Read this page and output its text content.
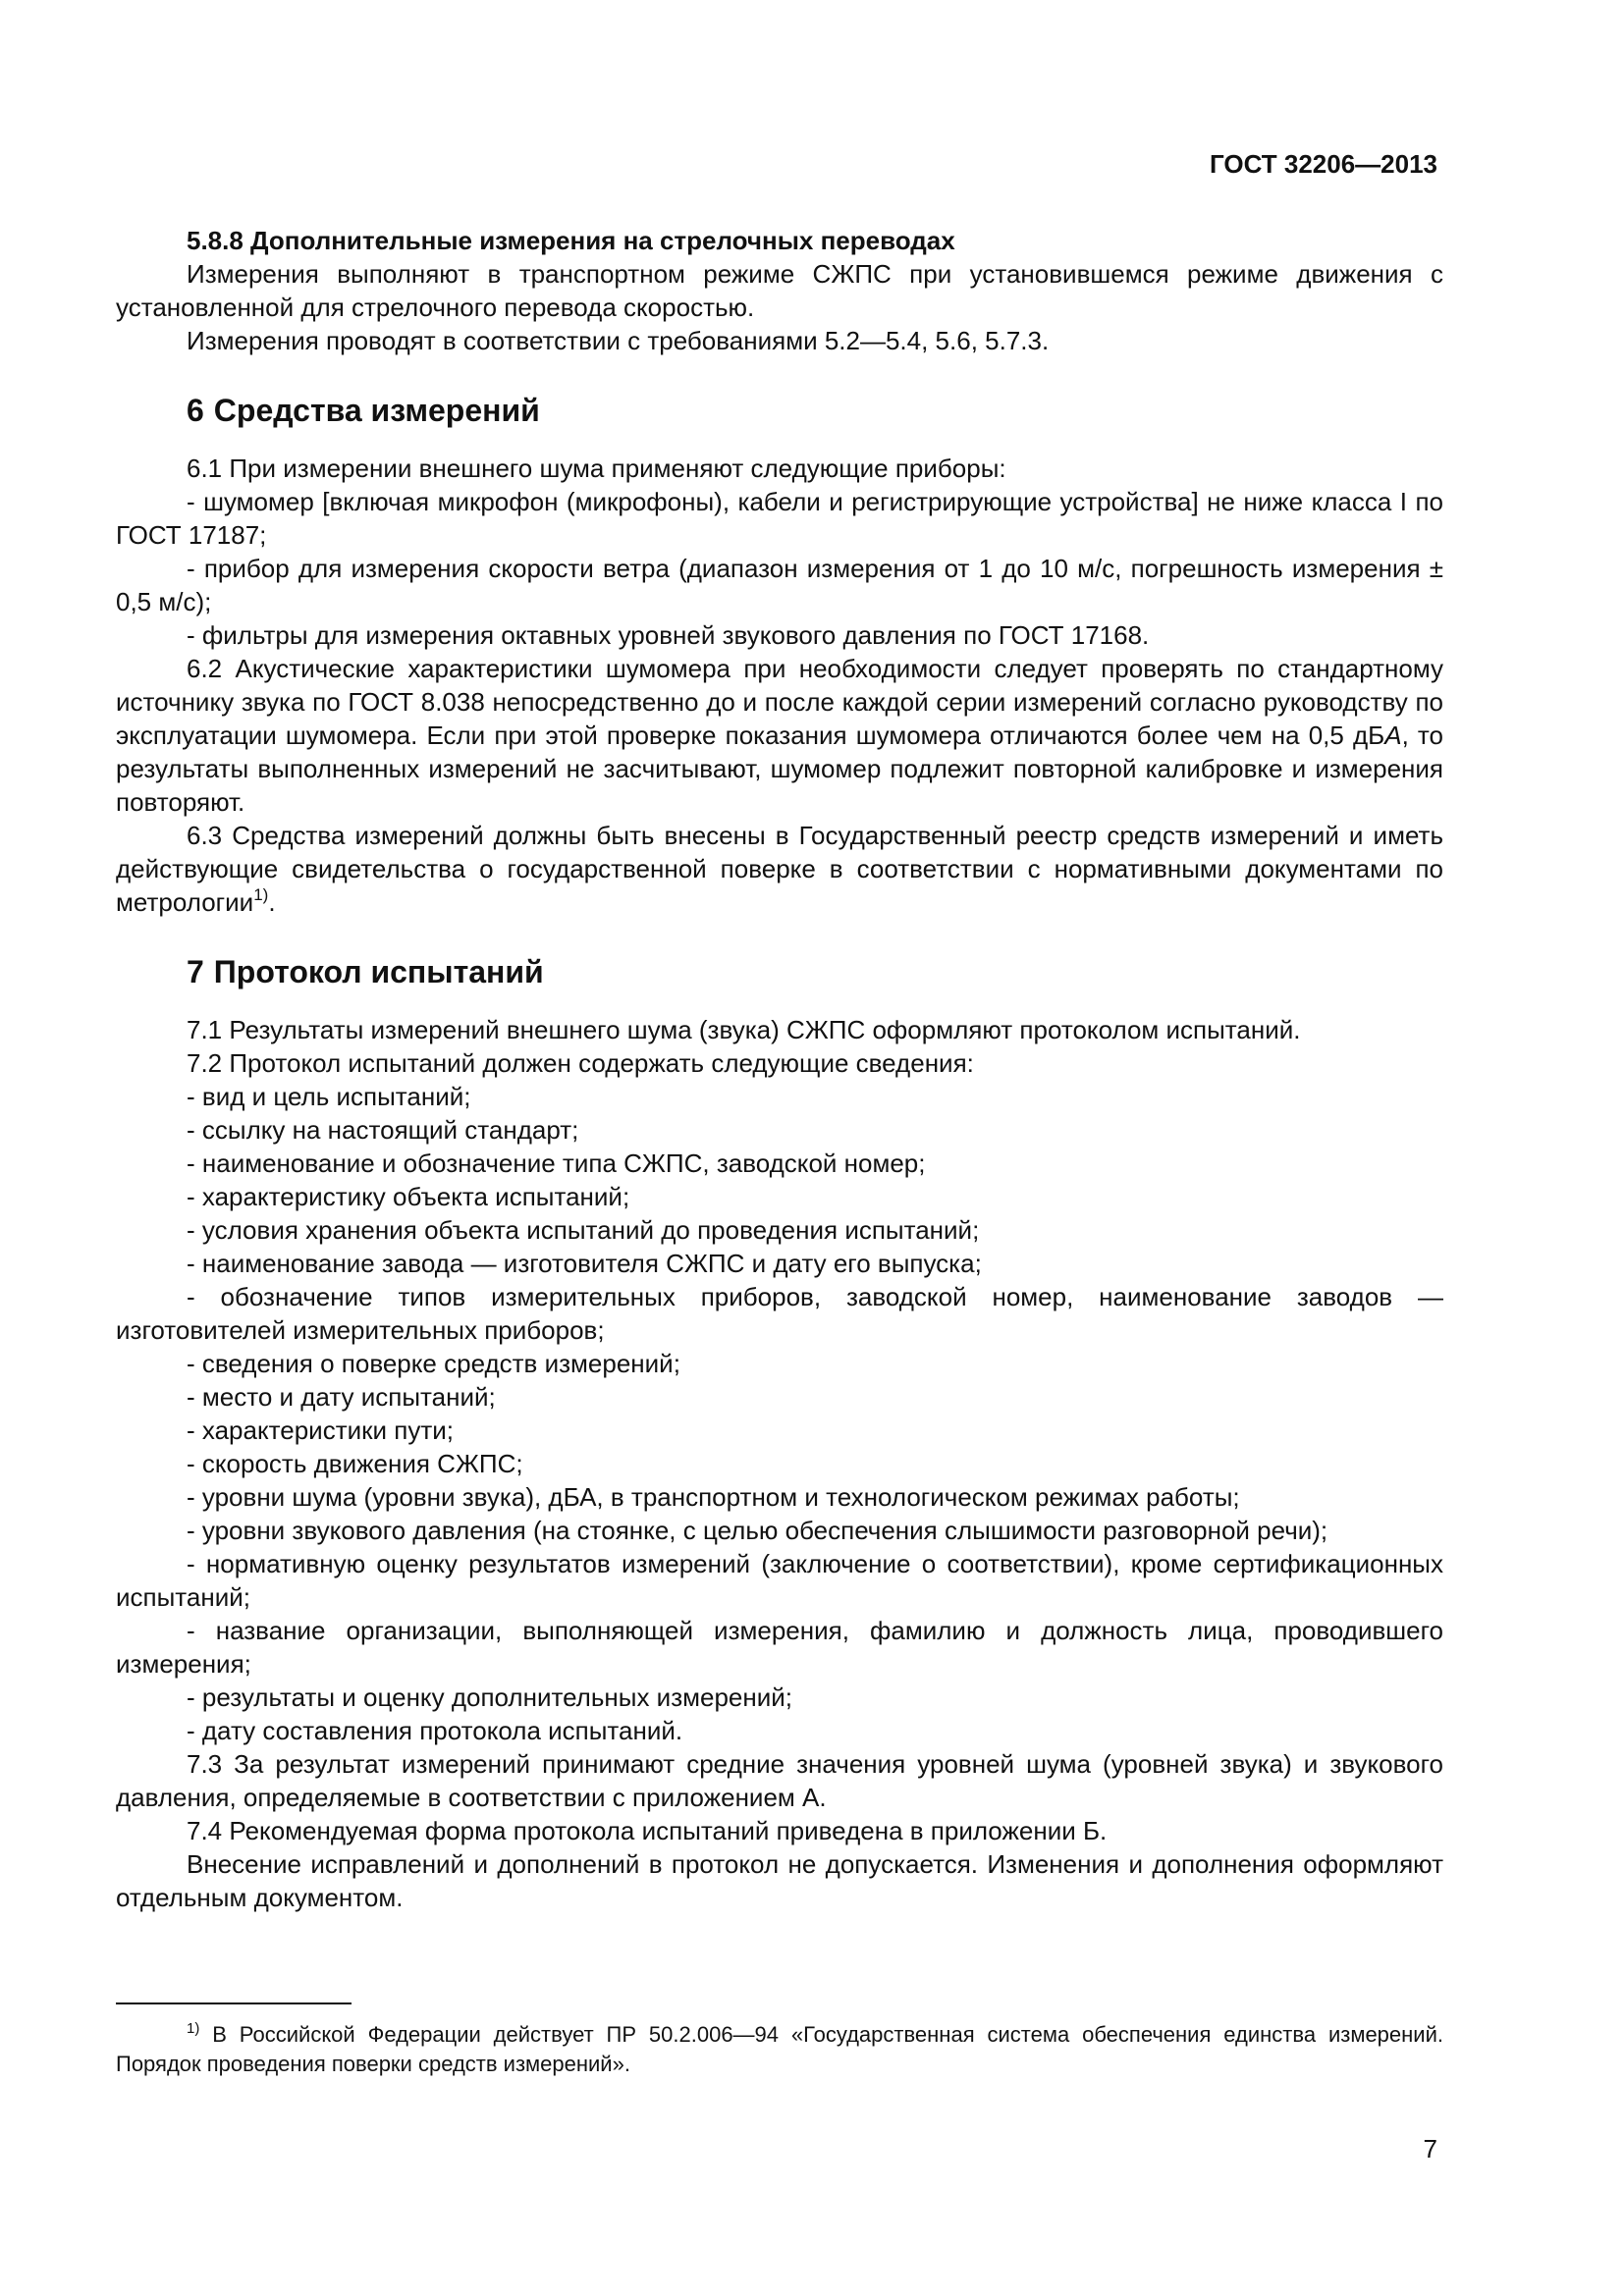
ГОСТ 32206—2013

5.8.8 Дополнительные измерения на стрелочных переводах

Измерения выполняют в транспортном режиме СЖПС при установившемся режиме движения с установленной для стрелочного перевода скоростью.

Измерения проводят в соответствии с требованиями 5.2—5.4, 5.6, 5.7.3.

6 Средства измерений

6.1 При измерении внешнего шума применяют следующие приборы:

- шумомер [включая микрофон (микрофоны), кабели и регистрирующие устройства] не ниже класса I по ГОСТ 17187;

- прибор для измерения скорости ветра (диапазон измерения от 1 до 10 м/с, погрешность измерения ± 0,5 м/с);

- фильтры для измерения октавных уровней звукового давления по ГОСТ 17168.

6.2 Акустические характеристики шумомера при необходимости следует проверять по стандартному источнику звука по ГОСТ 8.038 непосредственно до и после каждой серии измерений согласно руководству по эксплуатации шумомера. Если при этой проверке показания шумомера отличаются более чем на 0,5 дБА, то результаты выполненных измерений не засчитывают, шумомер подлежит повторной калибровке и измерения повторяют.

6.3 Средства измерений должны быть внесены в Государственный реестр средств измерений и иметь действующие свидетельства о государственной поверке в соответствии с нормативными документами по метрологии$^{1)}$.

7 Протокол испытаний

7.1 Результаты измерений внешнего шума (звука) СЖПС оформляют протоколом испытаний.

7.2 Протокол испытаний должен содержать следующие сведения:

- вид и цель испытаний;

- ссылку на настоящий стандарт;

- наименование и обозначение типа СЖПС, заводской номер;

- характеристику объекта испытаний;

- условия хранения объекта испытаний до проведения испытаний;

- наименование завода — изготовителя СЖПС и дату его выпуска;

- обозначение типов измерительных приборов, заводской номер, наименование заводов — изготовителей измерительных приборов;

- сведения о поверке средств измерений;

- место и дату испытаний;

- характеристики пути;

- скорость движения СЖПС;

- уровни шума (уровни звука), дБА, в транспортном и технологическом режимах работы;

- уровни звукового давления (на стоянке, с целью обеспечения слышимости разговорной речи);

- нормативную оценку результатов измерений (заключение о соответствии), кроме сертификационных испытаний;

- название организации, выполняющей измерения, фамилию и должность лица, проводившего измерения;

- результаты и оценку дополнительных измерений;

- дату составления протокола испытаний.

7.3 За результат измерений принимают средние значения уровней шума (уровней звука) и звукового давления, определяемые в соответствии с приложением А.

7.4 Рекомендуемая форма протокола испытаний приведена в приложении Б.

Внесение исправлений и дополнений в протокол не допускается. Изменения и дополнения оформляют отдельным документом.

$^{1)}$ В Российской Федерации действует ПР 50.2.006—94 «Государственная система обеспечения единства измерений. Порядок проведения поверки средств измерений».

7
